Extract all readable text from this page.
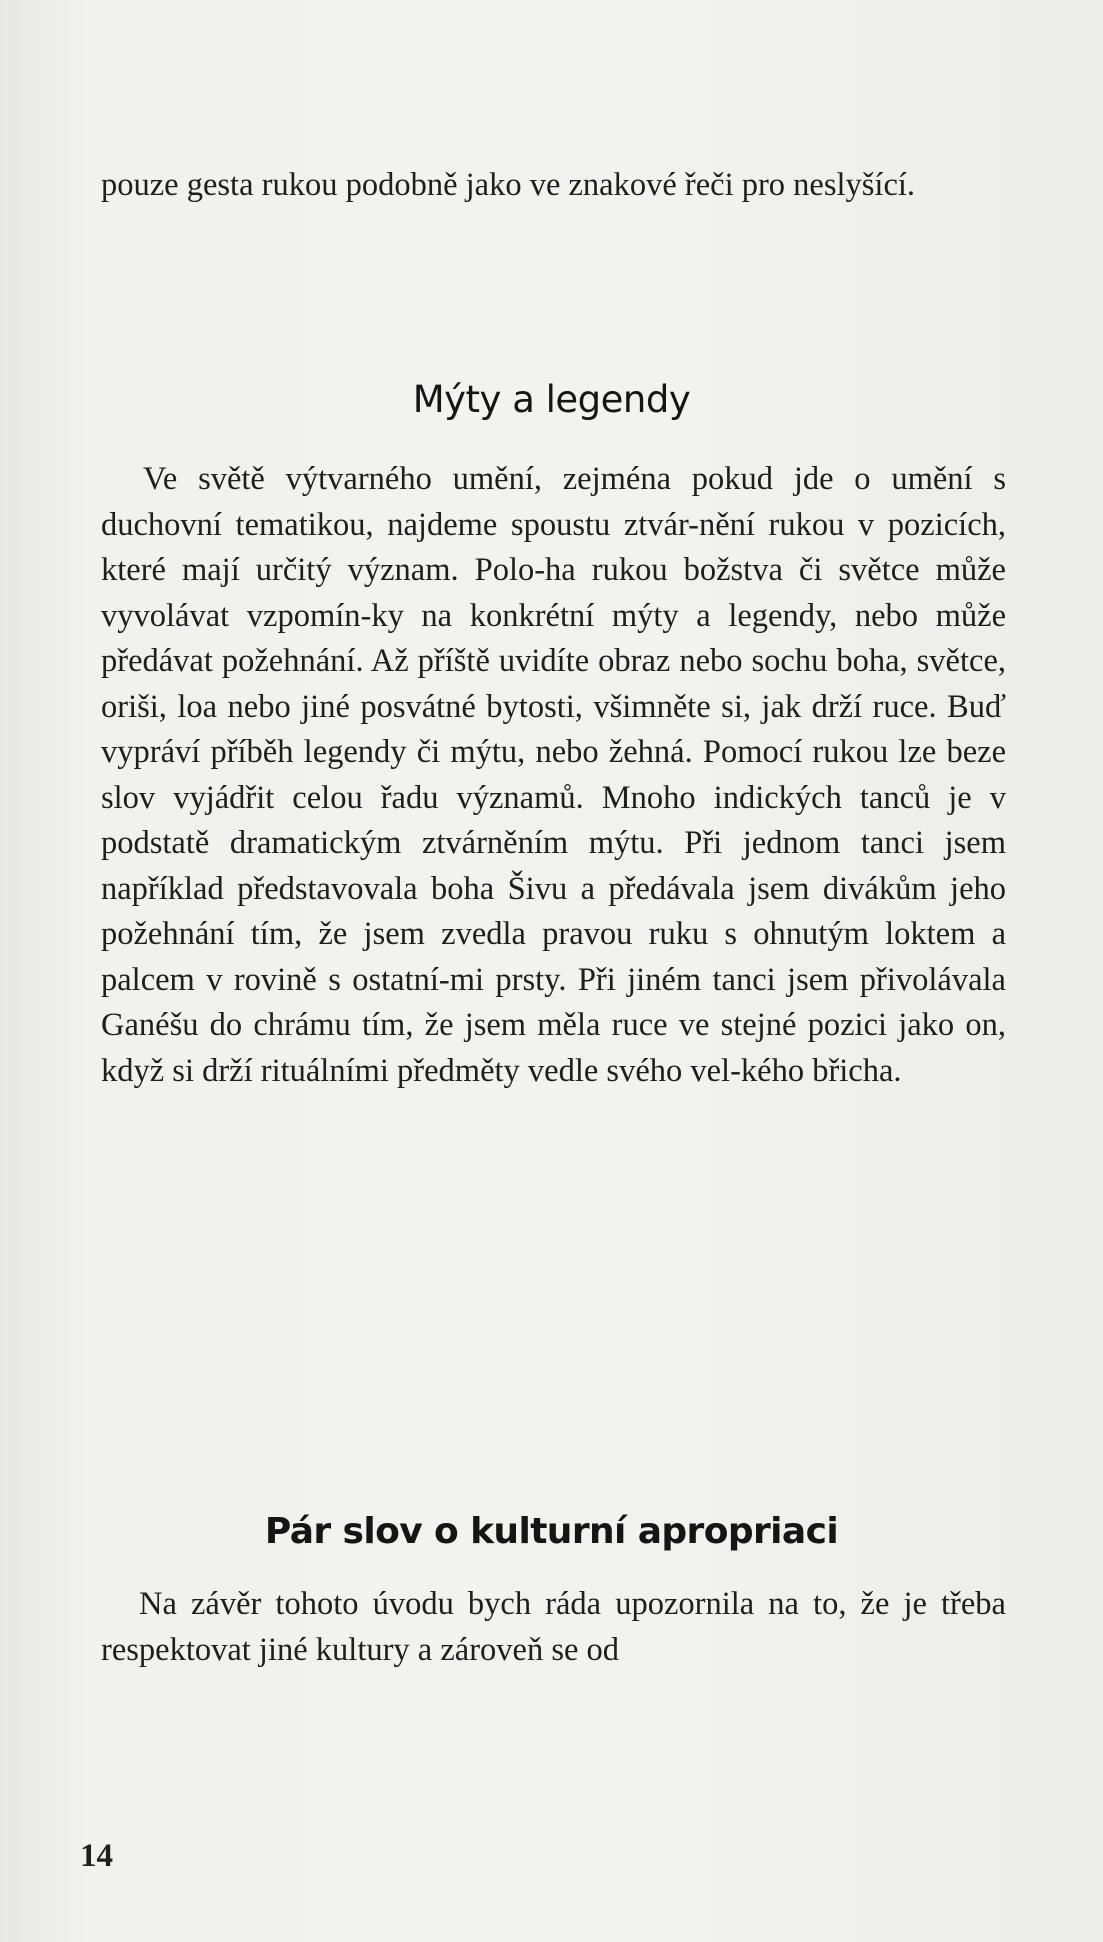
pouze gesta rukou podobně jako ve znakové řeči pro neslyšící.
Mýty a legendy
Ve světě výtvarného umění, zejména pokud jde o umění s duchovní tematikou, najdeme spoustu ztvár-nění rukou v pozicích, které mají určitý význam. Polo-ha rukou božstva či světce může vyvolávat vzpomín-ky na konkrétní mýty a legendy, nebo může předávat požehnání. Až příště uvidíte obraz nebo sochu boha, světce, oriši, loa nebo jiné posvátné bytosti, všimněte si, jak drží ruce. Buď vypráví příběh legendy či mýtu, nebo žehná. Pomocí rukou lze beze slov vyjádřit celou řadu významů. Mnoho indických tanců je v podstatě dramatickým ztvárněním mýtu. Při jednom tanci jsem například představovala boha Šivu a předávala jsem divákům jeho požehnání tím, že jsem zvedla pravou ruku s ohnutým loktem a palcem v rovině s ostatní-mi prsty. Při jiném tanci jsem přivolávala Ganéšu do chrámu tím, že jsem měla ruce ve stejné pozici jako on, když si drží rituálními předměty vedle svého vel-kého břicha.
Pár slov o kulturní apropriaci
Na závěr tohoto úvodu bych ráda upozornila na to, že je třeba respektovat jiné kultury a zároveň se od
14
